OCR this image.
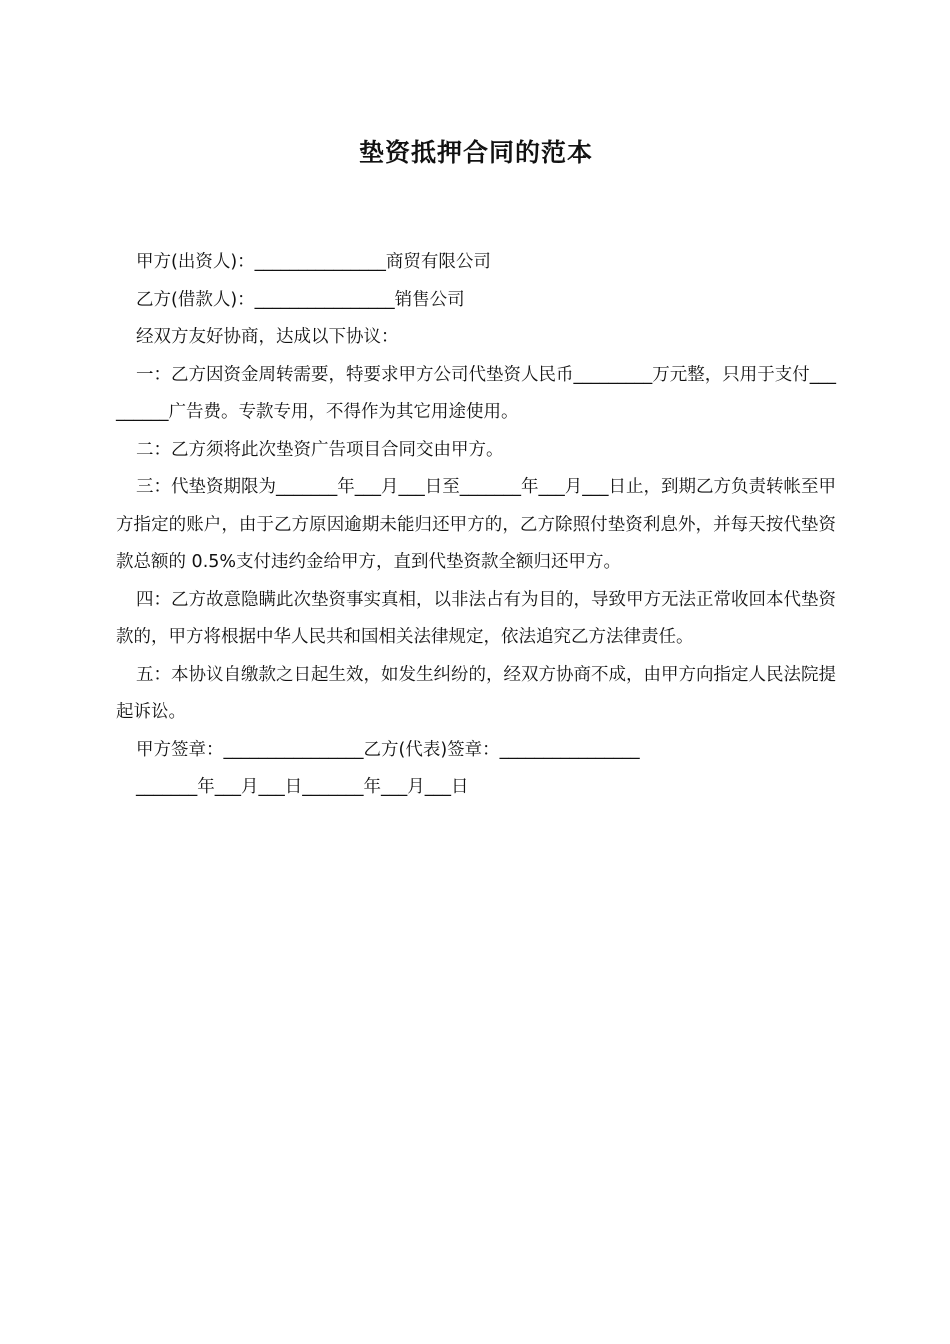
垫资抵押合同的范本

甲方(出资人)：_______________商贸有限公司

乙方(借款人)：________________销售公司

经双方友好协商，达成以下协议：

一：乙方因资金周转需要，特要求甲方公司代垫资人民币_________万元整，只用于支付_________广告费。专款专用，不得作为其它用途使用。

二：乙方须将此次垫资广告项目合同交由甲方。

三：代垫资期限为_______年___月___日至_______年___月___日止，到期乙方负责转帐至甲方指定的账户，由于乙方原因逾期未能归还甲方的，乙方除照付垫资利息外，并每天按代垫资款总额的 0.5%支付违约金给甲方，直到代垫资款全额归还甲方。

四：乙方故意隐瞒此次垫资事实真相，以非法占有为目的，导致甲方无法正常收回本代垫资款的，甲方将根据中华人民共和国相关法律规定，依法追究乙方法律责任。

五：本协议自缴款之日起生效，如发生纠纷的，经双方协商不成，由甲方向指定人民法院提起诉讼。

甲方签章：________________乙方(代表)签章：________________

_______年___月___日_______年___月___日
